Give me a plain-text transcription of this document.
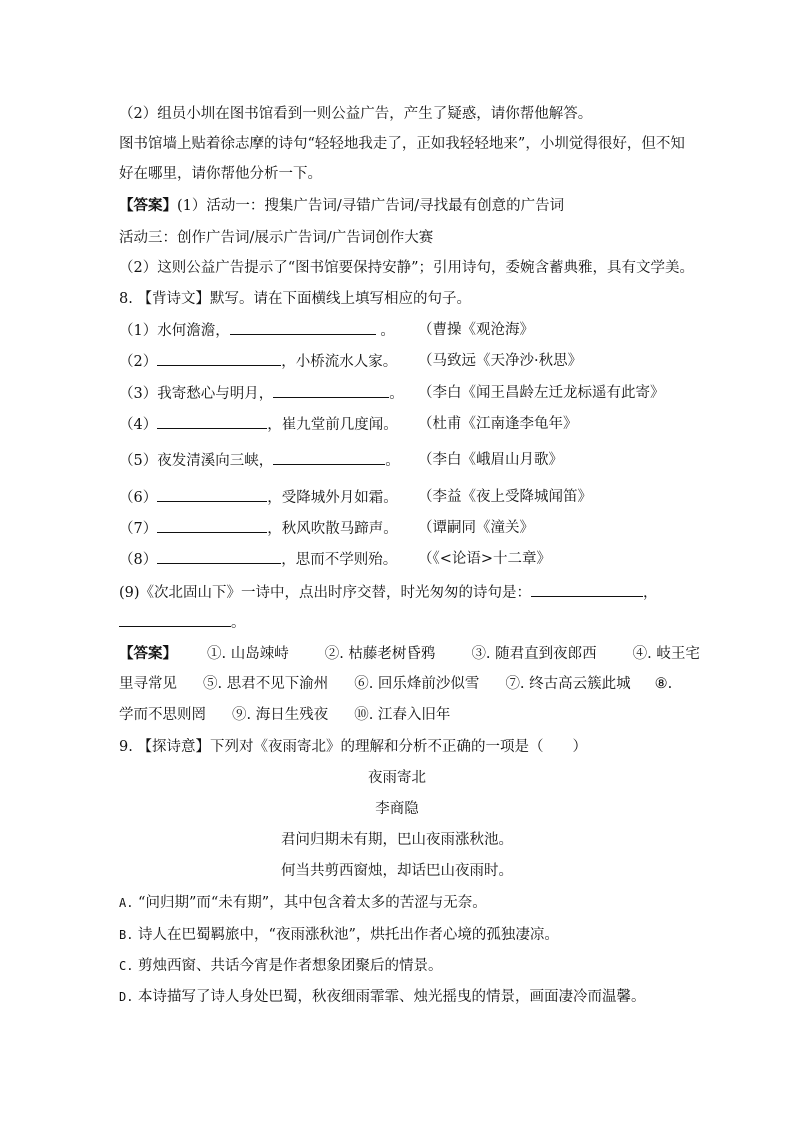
（2）组员小圳在图书馆看到一则公益广告，产生了疑惑，请你帮他解答。
图书馆墙上贴着徐志摩的诗句“轻轻地我走了，正如我轻轻地来”，小圳觉得很好，但不知
好在哪里，请你帮他分析一下。
【答案】(1）活动一：搜集广告词/寻错广告词/寻找最有创意的广告词
活动三：创作广告词/展示广告词/广告词创作大赛
（2）这则公益广告提示了“图书馆要保持安静”；引用诗句，委婉含蓄典雅，具有文学美。
8. 【背诗文】默写。请在下面横线上填写相应的句子。
（1）水何澹澹，	。 （曹操《观沧海》
（2）	，小桥流水人家。 （马致远《天净沙·秋思》
（3）我寄愁心与明月，	。 （李白《闻王昌龄左迁龙标遥有此寄》
（4）	，崔九堂前几度闻。 （杜甫《江南逢李龟年》
（5）夜发清溪向三峡，	。 （李白《峨眉山月歌》
（6）	，受降城外月如霜。 （李益《夜上受降城闻笛》
（7）	，秋风吹散马蹄声。 （谭嗣同《潼关》
（8）	，思而不学则殆。 （《<论语>十二章》
(9)《次北固山下》一诗中，点出时序交替，时光匆匆的诗句是：	，
。
【答案】 ①. 山岛竦峙 ②. 枯藤老树昏鸦 ③. 随君直到夜郎西 ④. 岐王宅
里寻常见 ⑤. 思君不见下渝州 ⑥. 回乐烽前沙似雪 ⑦. 终古高云簇此城 ⑧.
学而不思则罔 ⑨. 海日生残夜 ⑩. 江春入旧年
9. 【探诗意】下列对《夜雨寄北》的理解和分析不正确的一项是（　　）
夜雨寄北
李商隐
君问归期未有期，巴山夜雨涨秋池。
何当共剪西窗烛，却话巴山夜雨时。
A. “问归期”而“未有期”，其中包含着太多的苦涩与无奈。
B. 诗人在巴蜀羁旅中，“夜雨涨秋池”，烘托出作者心境的孤独凄凉。
C. 剪烛西窗、共话今宵是作者想象团聚后的情景。
D. 本诗描写了诗人身处巴蜀，秋夜细雨霏霏、烛光摇曳的情景，画面凄冷而温馨。
